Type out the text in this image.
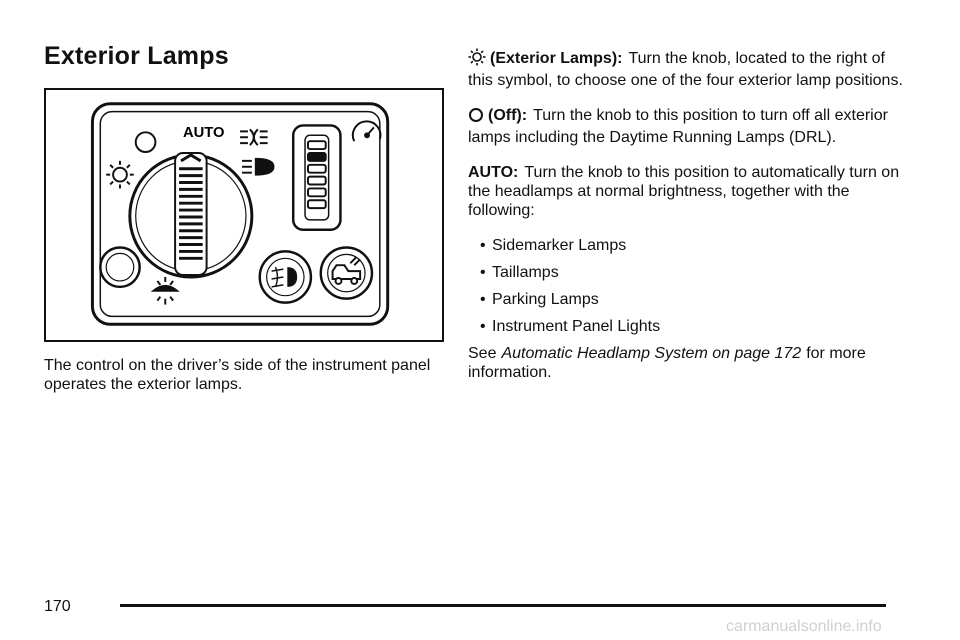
Exterior Lamps
AUTO

The control on the driver’s side of the instrument panel operates the exterior lamps.

(Exterior Lamps): Turn the knob, located to the right of this symbol, to choose one of the four exterior lamp positions.

(Off): Turn the knob to this position to turn off all exterior lamps including the Daytime Running Lamps (DRL).

AUTO: Turn the knob to this position to automatically turn on the headlamps at normal brightness, together with the following:

• Sidemarker Lamps
• Taillamps
• Parking Lamps
• Instrument Panel Lights

See Automatic Headlamp System on page 172 for more information.

170
carmanualsonline.info
